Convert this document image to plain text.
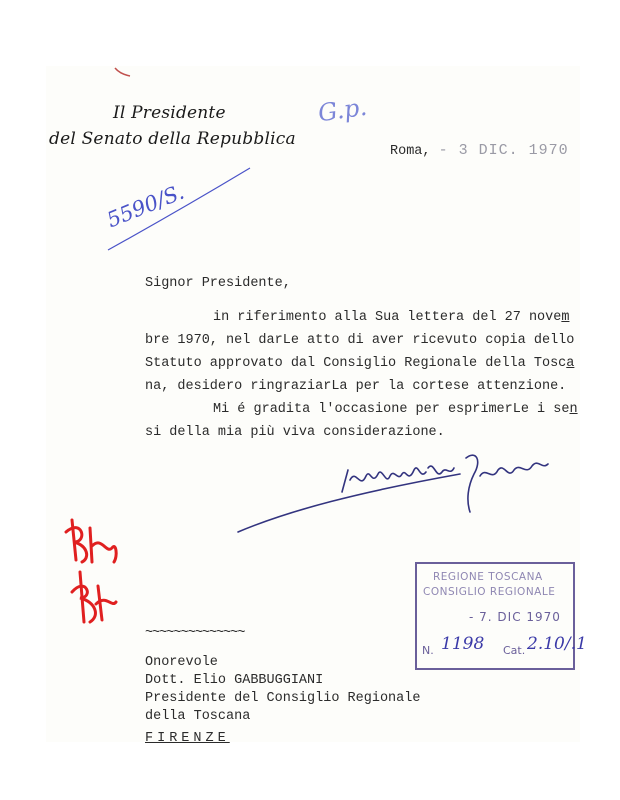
Il Presidente
del Senato della Repubblica
G.p.
Roma, - 3 DIC. 1970
5590/S.
Signor Presidente,
in riferimento alla Sua lettera del 27 novem
bre 1970, nel darLe atto di aver ricevuto copia dello
Statuto approvato dal Consiglio Regionale della Tosca
na, desidero ringraziarLa per la cortese attenzione.
Mi é gradita l'occasione per esprimerLe i sen
si della mia più viva considerazione.
REGIONE TOSCANA
CONSIGLIO REGIONALE
- 7. DIC 1970
N. 1198 Cat. 2.10/.1
~~~~~~~~~~~~~~
Onorevole
Dott. Elio GABBUGGIANI
Presidente del Consiglio Regionale
della Toscana
FIRENZE
